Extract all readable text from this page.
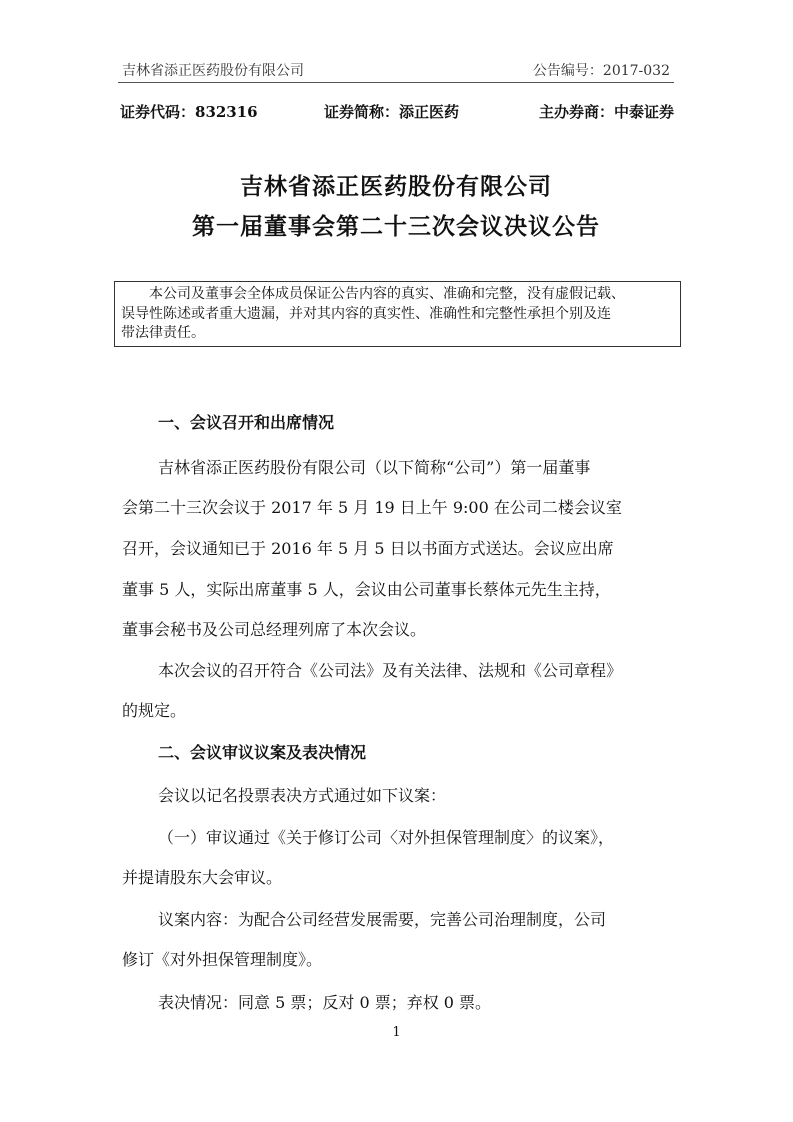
吉林省添正医药股份有限公司	公告编号：2017-032
证券代码：832316	证券简称：添正医药	主办券商：中泰证券
吉林省添正医药股份有限公司
第一届董事会第二十三次会议决议公告
本公司及董事会全体成员保证公告内容的真实、准确和完整，没有虚假记载、
误导性陈述或者重大遗漏，并对其内容的真实性、准确性和完整性承担个别及连
带法律责任。
一、会议召开和出席情况
吉林省添正医药股份有限公司（以下简称“公司”）第一届董事
会第二十三次会议于 2017 年 5 月 19 日上午 9:00 在公司二楼会议室
召开，会议通知已于 2016 年 5 月 5 日以书面方式送达。会议应出席
董事 5 人，实际出席董事 5 人，会议由公司董事长蔡体元先生主持，
董事会秘书及公司总经理列席了本次会议。
本次会议的召开符合《公司法》及有关法律、法规和《公司章程》
的规定。
二、会议审议议案及表决情况
会议以记名投票表决方式通过如下议案：
（一）审议通过《关于修订公司〈对外担保管理制度〉的议案》，
并提请股东大会审议。
议案内容：为配合公司经营发展需要，完善公司治理制度，公司
修订《对外担保管理制度》。
表决情况：同意 5 票；反对 0 票；弃权 0 票。
1
